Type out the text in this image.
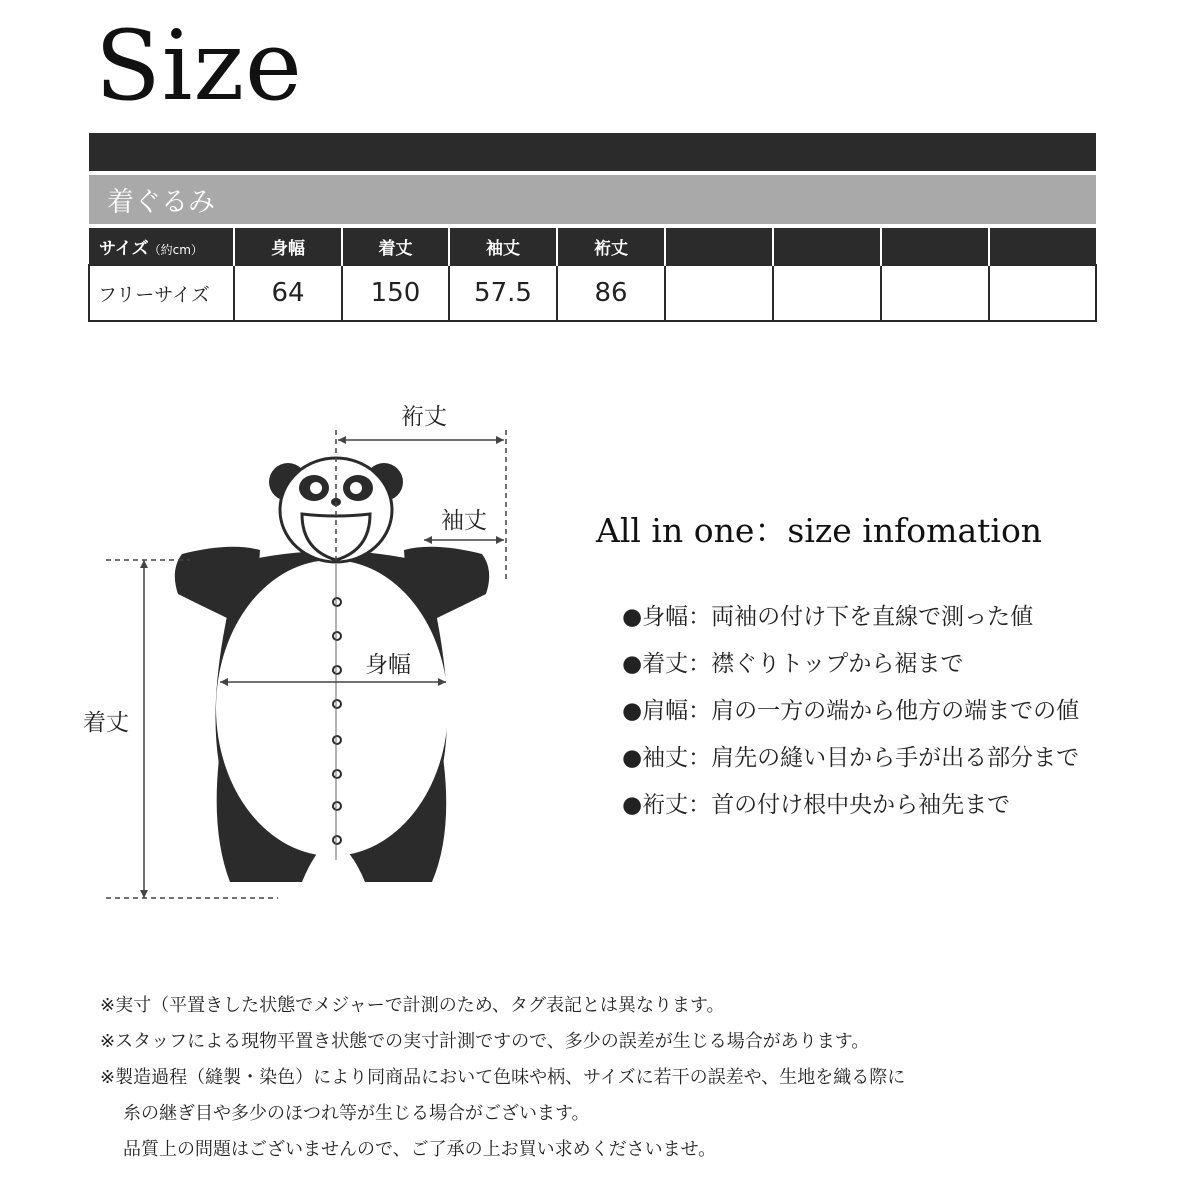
Size

着ぐるみ								
サイズ（約cm）	身幅	着丈	袖丈	裄丈				
フリーサイズ	64	150	57.5	86				
裄丈
袖丈
身幅
着丈
All in one：size infomation
●身幅：両袖の付け下を直線で測った値
●着丈：襟ぐりトップから裾まで
●肩幅：肩の一方の端から他方の端までの値
●袖丈：肩先の縫い目から手が出る部分まで
●裄丈：首の付け根中央から袖先まで
※実寸（平置きした状態でメジャーで計測のため、タグ表記とは異なります。
※スタッフによる現物平置き状態での実寸計測ですので、多少の誤差が生じる場合があります。
※製造過程（縫製・染色）により同商品において色味や柄、サイズに若干の誤差や、生地を織る際に
糸の継ぎ目や多少のほつれ等が生じる場合がございます。
品質上の問題はございませんので、ご了承の上お買い求めくださいませ。
